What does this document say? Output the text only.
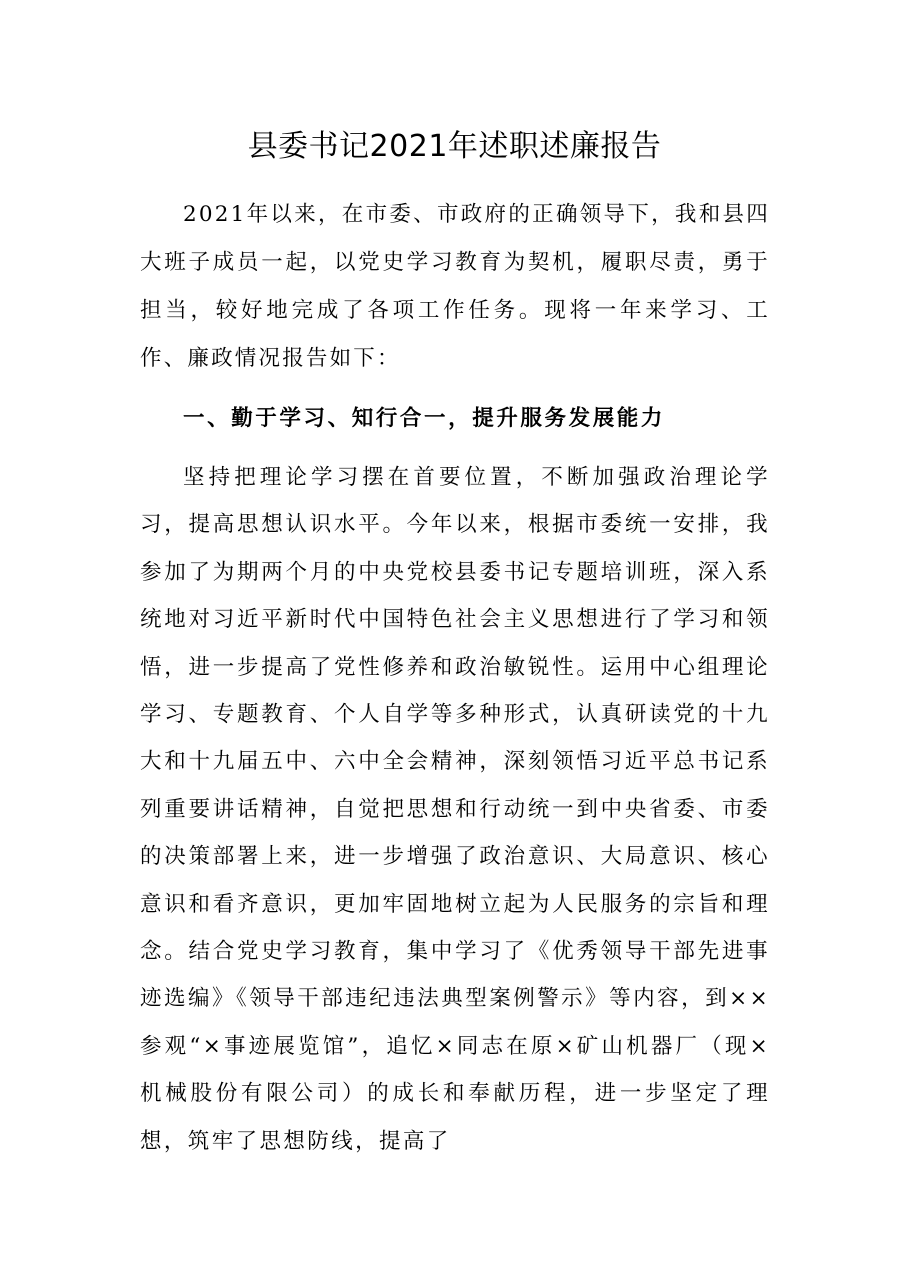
县委书记2021年述职述廉报告
2021年以来，在市委、市政府的正确领导下，我和县四大班子成员一起，以党史学习教育为契机，履职尽责，勇于担当，较好地完成了各项工作任务。现将一年来学习、工作、廉政情况报告如下：
一、勤于学习、知行合一，提升服务发展能力
坚持把理论学习摆在首要位置，不断加强政治理论学习，提高思想认识水平。今年以来，根据市委统一安排，我参加了为期两个月的中央党校县委书记专题培训班，深入系统地对习近平新时代中国特色社会主义思想进行了学习和领悟，进一步提高了党性修养和政治敏锐性。运用中心组理论学习、专题教育、个人自学等多种形式，认真研读党的十九大和十九届五中、六中全会精神，深刻领悟习近平总书记系列重要讲话精神，自觉把思想和行动统一到中央省委、市委的决策部署上来，进一步增强了政治意识、大局意识、核心意识和看齐意识，更加牢固地树立起为人民服务的宗旨和理念。结合党史学习教育，集中学习了《优秀领导干部先进事迹选编》《领导干部违纪违法典型案例警示》等内容，到××参观“×事迹展览馆”，追忆×同志在原×矿山机器厂（现×机械股份有限公司）的成长和奉献历程，进一步坚定了理想，筑牢了思想防线，提高了
